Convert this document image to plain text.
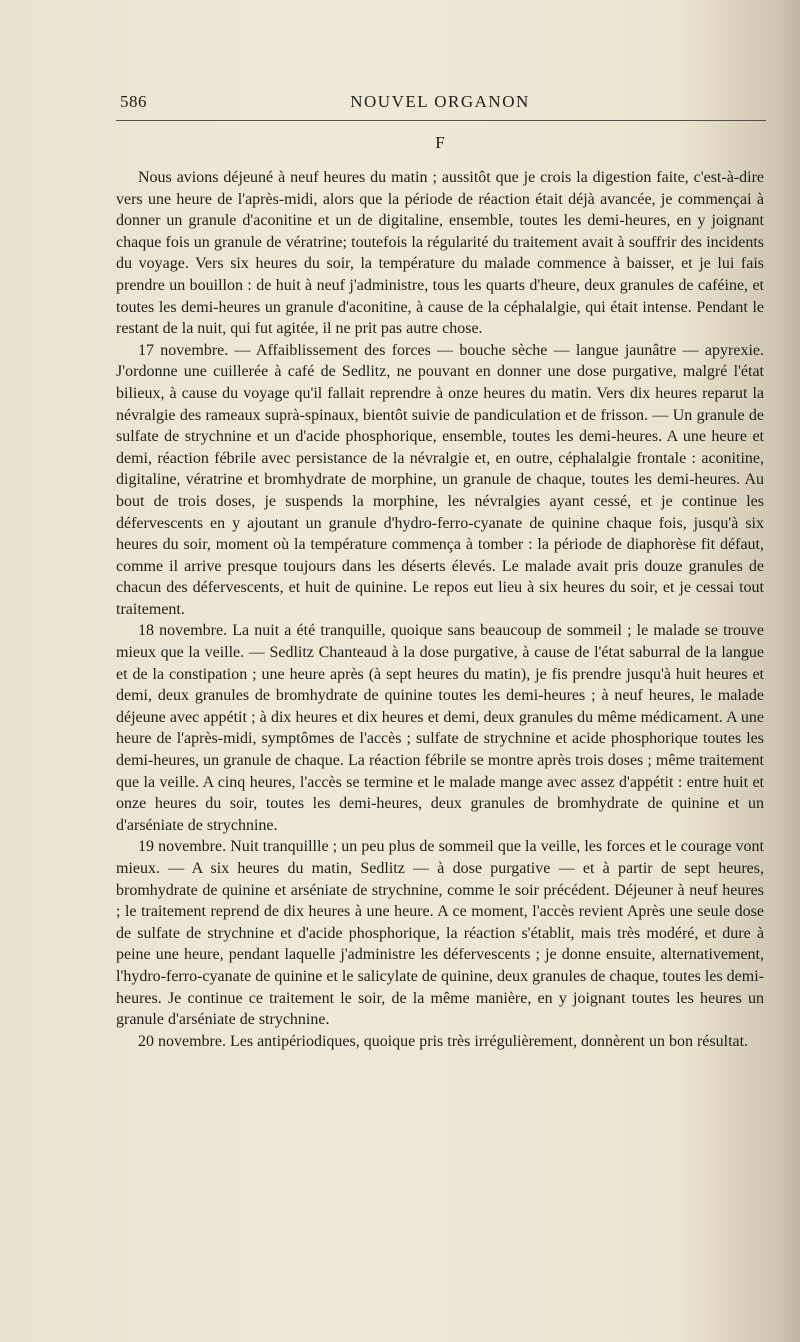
586	NOUVEL ORGANON
F

Nous avions déjeuné à neuf heures du matin ; aussitôt que je crois la digestion faite, c'est-à-dire vers une heure de l'après-midi, alors que la période de réaction était déjà avancée, je commençai à donner un granule d'aconitine et un de digitaline, ensemble, toutes les demi-heures, en y joignant chaque fois un granule de vératrine; toutefois la régularité du traitement avait à souffrir des incidents du voyage. Vers six heures du soir, la température du malade commence à baisser, et je lui fais prendre un bouillon : de huit à neuf j'administre, tous les quarts d'heure, deux granules de caféine, et toutes les demi-heures un granule d'aconitine, à cause de la céphalalgie, qui était intense. Pendant le restant de la nuit, qui fut agitée, il ne prit pas autre chose.

17 novembre. — Affaiblissement des forces — bouche sèche — langue jaunâtre — apyrexie. J'ordonne une cuillerée à café de Sedlitz, ne pouvant en donner une dose purgative, malgré l'état bilieux, à cause du voyage qu'il fallait reprendre à onze heures du matin. Vers dix heures reparut la névralgie des rameaux suprà-spinaux, bientôt suivie de pandiculation et de frisson. — Un granule de sulfate de strychnine et un d'acide phosphorique, ensemble, toutes les demi-heures. A une heure et demi, réaction fébrile avec persistance de la névralgie et, en outre, céphalalgie frontale : aconitine, digitaline, vératrine et bromhydrate de morphine, un granule de chaque, toutes les demi-heures. Au bout de trois doses, je suspends la morphine, les névralgies ayant cessé, et je continue les défervescents en y ajoutant un granule d'hydro-ferro-cyanate de quinine chaque fois, jusqu'à six heures du soir, moment où la température commença à tomber : la période de diaphorèse fit défaut, comme il arrive presque toujours dans les déserts élevés. Le malade avait pris douze granules de chacun des défervescents, et huit de quinine. Le repos eut lieu à six heures du soir, et je cessai tout traitement.

18 novembre. La nuit a été tranquille, quoique sans beaucoup de sommeil ; le malade se trouve mieux que la veille. — Sedlitz Chanteaud à la dose purgative, à cause de l'état saburral de la langue et de la constipation ; une heure après (à sept heures du matin), je fis prendre jusqu'à huit heures et demi, deux granules de bromhydrate de quinine toutes les demi-heures ; à neuf heures, le malade déjeune avec appétit ; à dix heures et dix heures et demi, deux granules du même médicament. A une heure de l'après-midi, symptômes de l'accès ; sulfate de strychnine et acide phosphorique toutes les demi-heures, un granule de chaque. La réaction fébrile se montre après trois doses ; même traitement que la veille. A cinq heures, l'accès se termine et le malade mange avec assez d'appétit : entre huit et onze heures du soir, toutes les demi-heures, deux granules de bromhydrate de quinine et un d'arséniate de strychnine.

19 novembre. Nuit tranquillle ; un peu plus de sommeil que la veille, les forces et le courage vont mieux. — A six heures du matin, Sedlitz — à dose purgative — et à partir de sept heures, bromhydrate de quinine et arséniate de strychnine, comme le soir précédent. Déjeuner à neuf heures ; le traitement reprend de dix heures à une heure. A ce moment, l'accès revient Après une seule dose de sulfate de strychnine et d'acide phosphorique, la réaction s'établit, mais très modéré, et dure à peine une heure, pendant laquelle j'administre les défervescents ; je donne ensuite, alternativement, l'hydro-ferro-cyanate de quinine et le salicylate de quinine, deux granules de chaque, toutes les demi-heures. Je continue ce traitement le soir, de la même manière, en y joignant toutes les heures un granule d'arséniate de strychnine.

20 novembre. Les antipériodiques, quoique pris très irrégulièrement, donnèrent un bon résultat.
